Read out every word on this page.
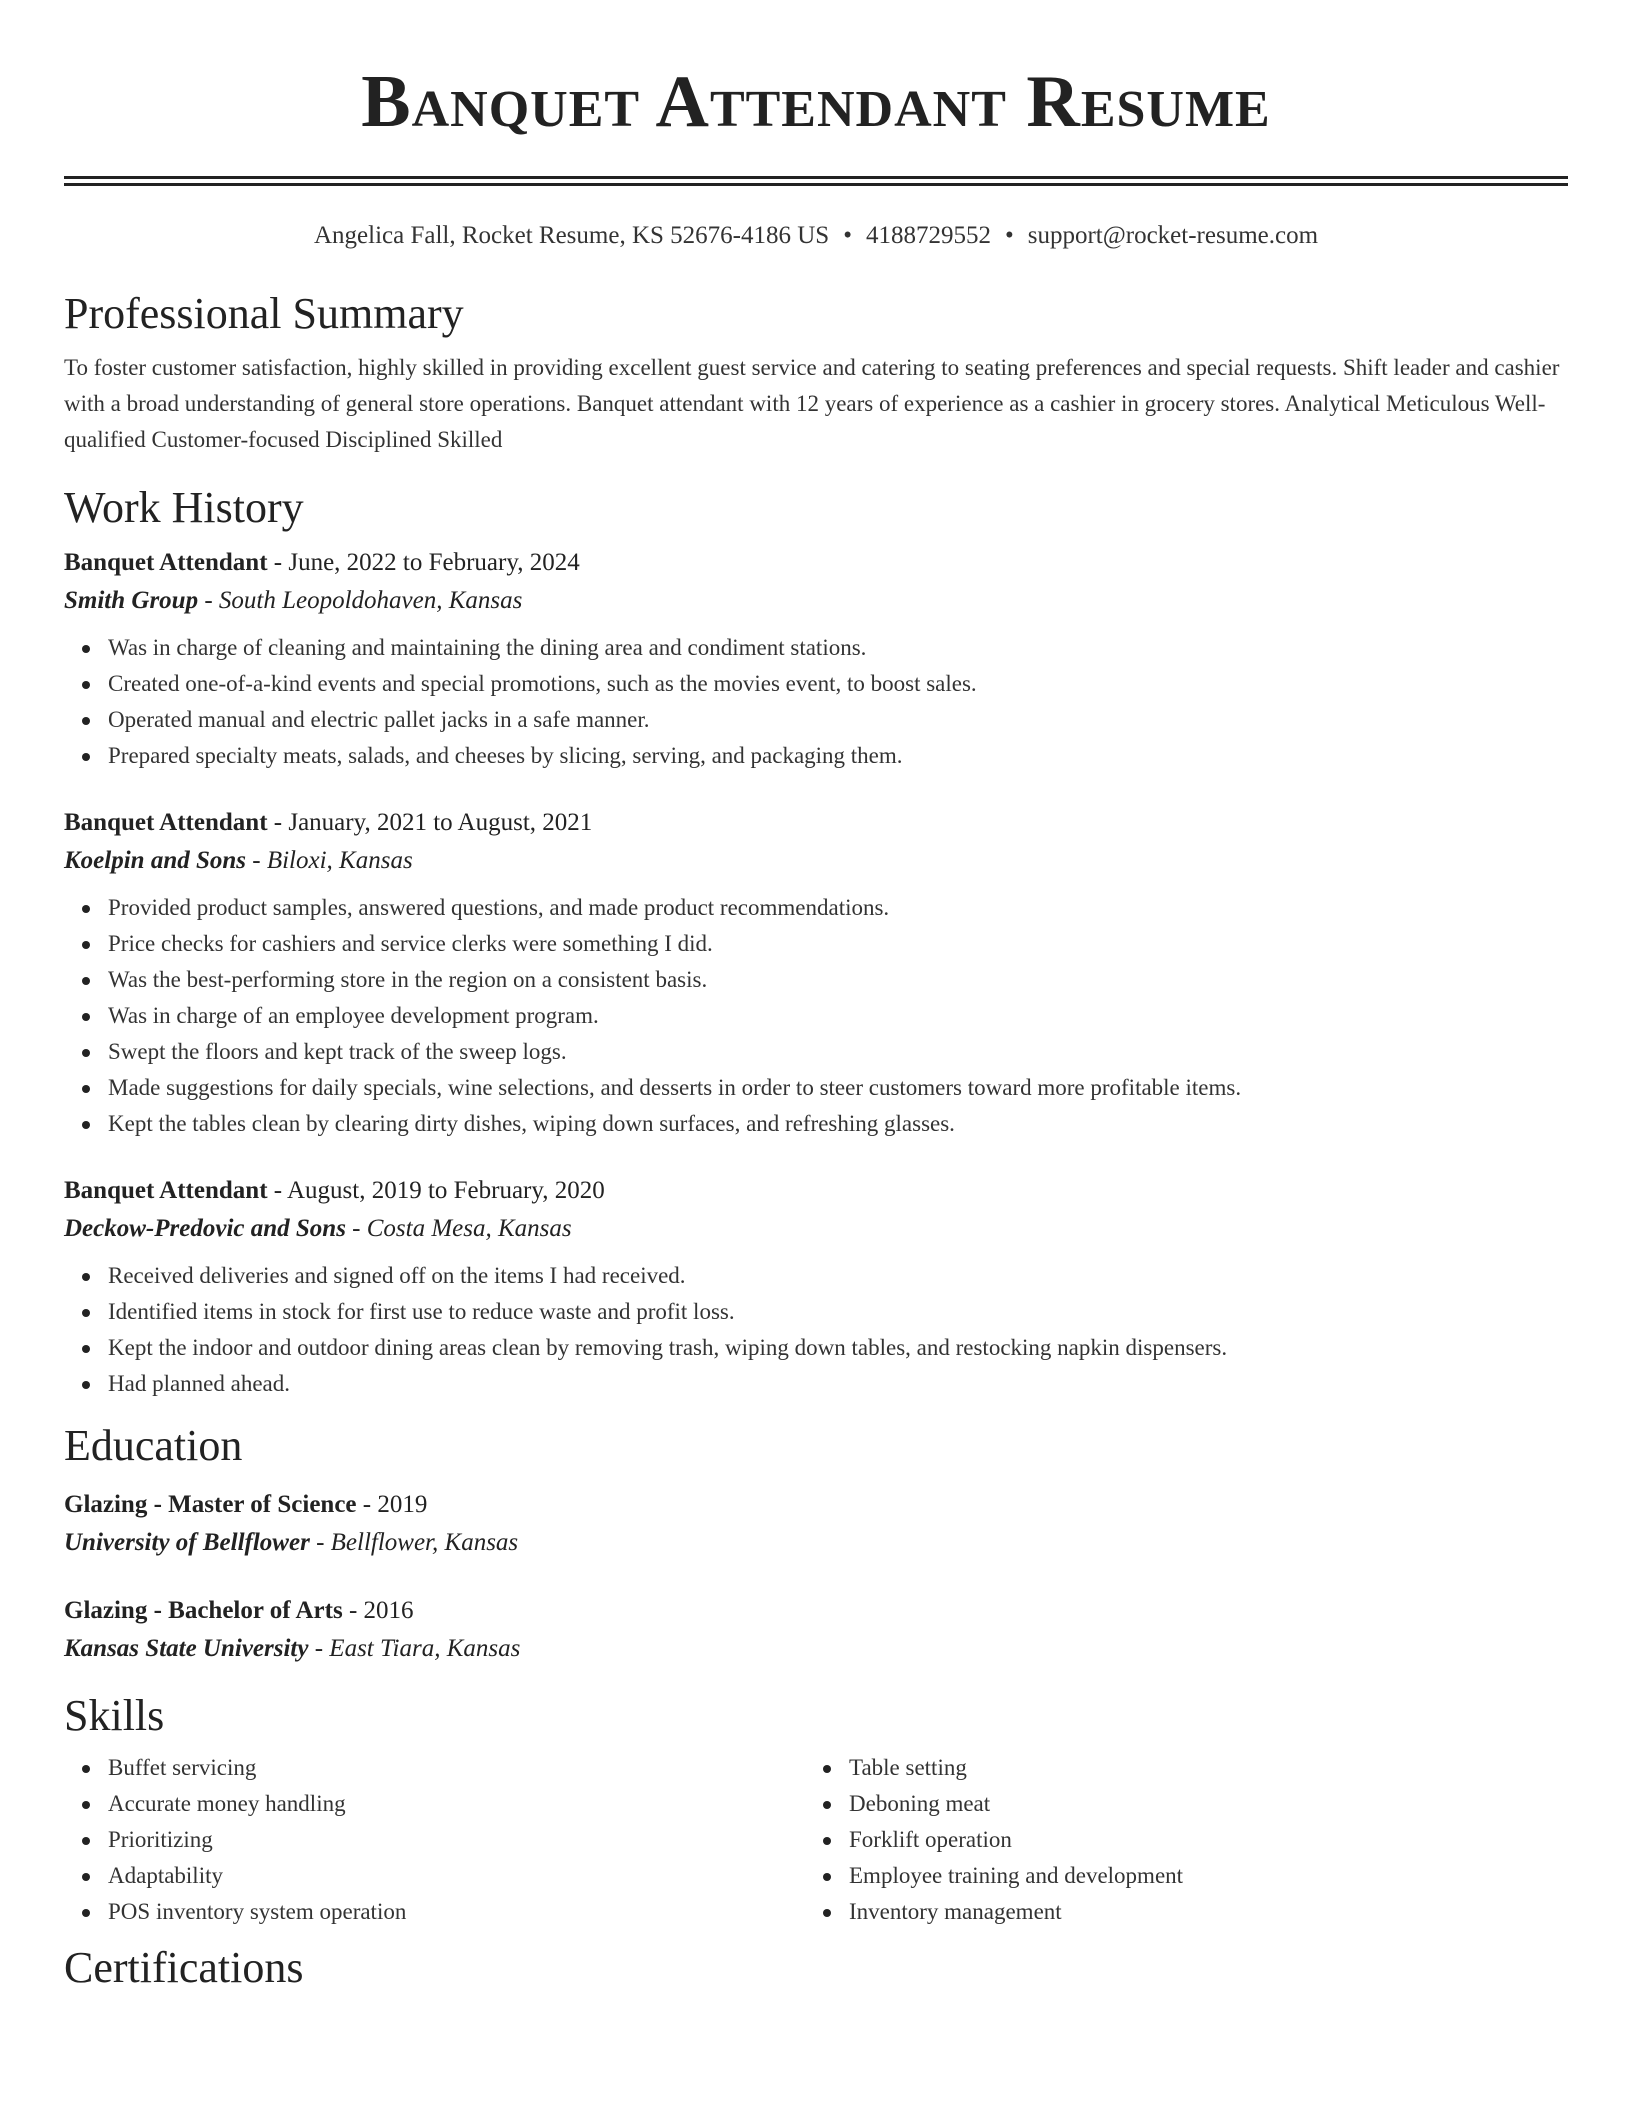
Banquet Attendant Resume
Angelica Fall, Rocket Resume, KS 52676-4186 US • 4188729552 • support@rocket-resume.com
Professional Summary

To foster customer satisfaction, highly skilled in providing excellent guest service and catering to seating preferences and special requests. Shift leader and cashier with a broad understanding of general store operations. Banquet attendant with 12 years of experience as a cashier in grocery stores. Analytical Meticulous Well-qualified Customer-focused Disciplined Skilled

Work History
Banquet Attendant - June, 2022 to February, 2024
Smith Group - South Leopoldohaven, Kansas
Was in charge of cleaning and maintaining the dining area and condiment stations.
Created one-of-a-kind events and special promotions, such as the movies event, to boost sales.
Operated manual and electric pallet jacks in a safe manner.
Prepared specialty meats, salads, and cheeses by slicing, serving, and packaging them.
Banquet Attendant - January, 2021 to August, 2021
Koelpin and Sons - Biloxi, Kansas
Provided product samples, answered questions, and made product recommendations.
Price checks for cashiers and service clerks were something I did.
Was the best-performing store in the region on a consistent basis.
Was in charge of an employee development program.
Swept the floors and kept track of the sweep logs.
Made suggestions for daily specials, wine selections, and desserts in order to steer customers toward more profitable items.
Kept the tables clean by clearing dirty dishes, wiping down surfaces, and refreshing glasses.
Banquet Attendant - August, 2019 to February, 2020
Deckow-Predovic and Sons - Costa Mesa, Kansas
Received deliveries and signed off on the items I had received.
Identified items in stock for first use to reduce waste and profit loss.
Kept the indoor and outdoor dining areas clean by removing trash, wiping down tables, and restocking napkin dispensers.
Had planned ahead.
Education
Glazing - Master of Science - 2019
University of Bellflower - Bellflower, Kansas
Glazing - Bachelor of Arts - 2016
Kansas State University - East Tiara, Kansas
Skills
Buffet servicing
Accurate money handling
Prioritizing
Adaptability
POS inventory system operation
Table setting
Deboning meat
Forklift operation
Employee training and development
Inventory management
Certifications
